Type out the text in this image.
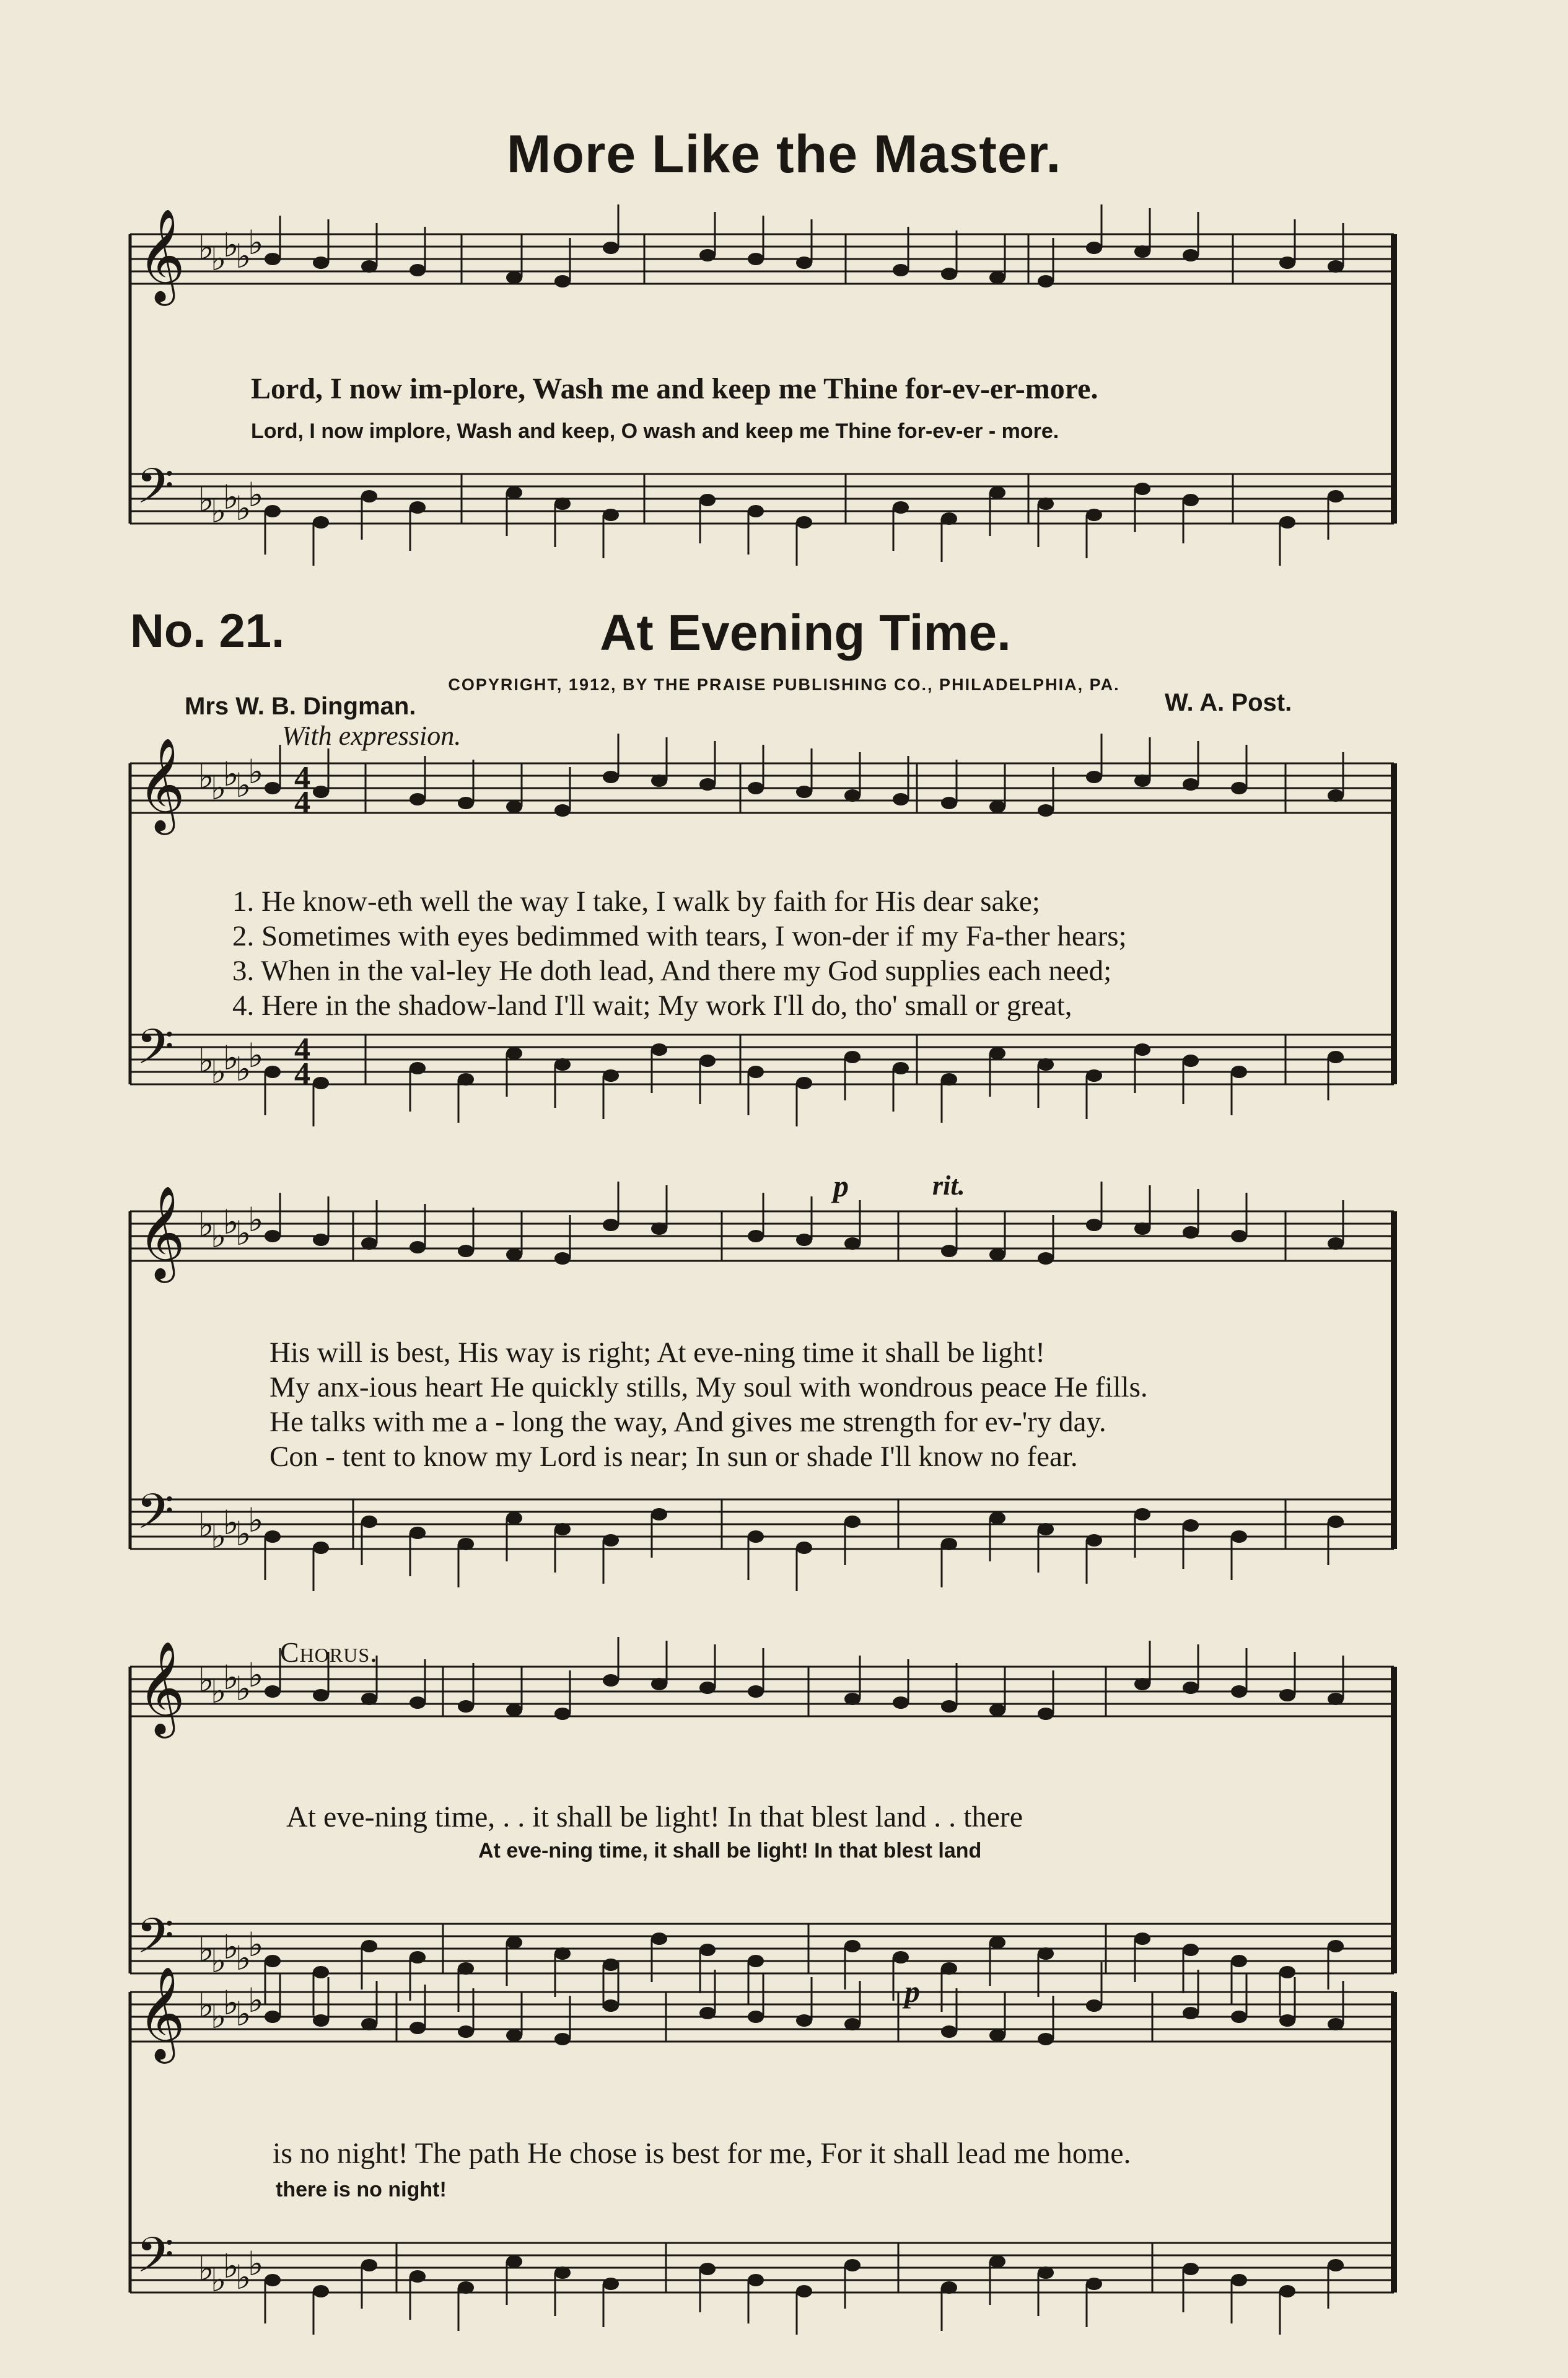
More Like the Master.
No. 21.	At Evening Time.
COPYRIGHT, 1912, BY THE PRAISE PUBLISHING CO., PHILADELPHIA, PA.
Mrs W. B. Dingman.	W. A. Post.
With expression.
𝄞
𝄢
♭
♭
♭
♭
♭
♭
♭
♭
♭
♭
𝄞
𝄢
♭
♭
♭
♭
♭
♭
♭
♭
♭
♭
𝄞
𝄢
♭
♭
♭
♭
♭
♭
♭
♭
♭
♭
𝄞
𝄢
♭
♭
♭
♭
♭
♭
♭
♭
♭
♭
𝄞
𝄢
♭
♭
♭
♭
♭
♭
♭
♭
♭
♭
4
4
4
4
Lord, I now im-plore, Wash me and keep me Thine for-ev-er-more.
Lord, I now implore, Wash and keep, O wash and keep me Thine for-ev-er - more.
1. He know-eth well the way I take, I walk by faith for His dear sake;
2. Sometimes with eyes bedimmed with tears, I won-der if my Fa-ther hears;
3. When in the val-ley He doth lead, And there my God supplies each need;
4. Here in the shadow-land I'll wait; My work I'll do, tho' small or great,
p	rit.
His will is best, His way is right; At eve-ning time it shall be light!
My anx-ious heart He quickly stills, My soul with wondrous peace He fills.
He talks with me a - long the way, And gives me strength for ev-'ry day.
Con - tent to know my Lord is near; In sun or shade I'll know no fear.
Chorus.
At eve-ning time, . . it shall be light! In that blest land . . there
At eve-ning time, it shall be light! In that blest land
p
is no night! The path He chose is best for me, For it shall lead me home.
there is no night!
